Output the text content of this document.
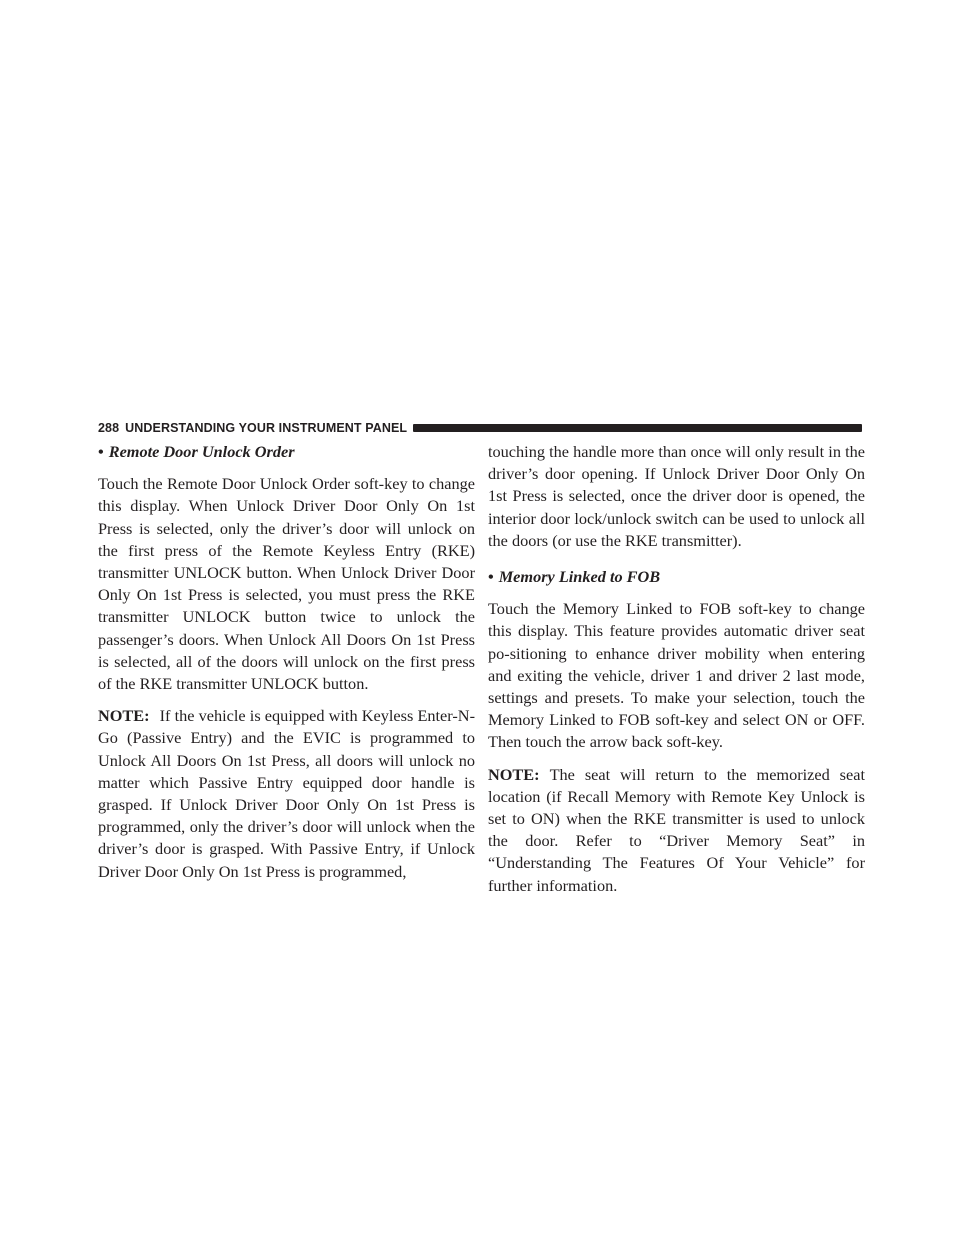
288 UNDERSTANDING YOUR INSTRUMENT PANEL

• Remote Door Unlock Order

Touch the Remote Door Unlock Order soft-key to change this display. When Unlock Driver Door Only On 1st Press is selected, only the driver’s door will unlock on the first press of the Remote Keyless Entry (RKE) transmitter UNLOCK button. When Unlock Driver Door Only On 1st Press is selected, you must press the RKE transmitter UNLOCK button twice to unlock the passenger’s doors. When Unlock All Doors On 1st Press is selected, all of the doors will unlock on the first press of the RKE transmitter UNLOCK button.

NOTE: If the vehicle is equipped with Keyless Enter-N-Go (Passive Entry) and the EVIC is programmed to Unlock All Doors On 1st Press, all doors will unlock no matter which Passive Entry equipped door handle is grasped. If Unlock Driver Door Only On 1st Press is programmed, only the driver’s door will unlock when the driver’s door is grasped. With Passive Entry, if Unlock Driver Door Only On 1st Press is programmed,

touching the handle more than once will only result in the driver’s door opening. If Unlock Driver Door Only On 1st Press is selected, once the driver door is opened, the interior door lock/unlock switch can be used to unlock all the doors (or use the RKE transmitter).

• Memory Linked to FOB

Touch the Memory Linked to FOB soft-key to change this display. This feature provides automatic driver seat po-sitioning to enhance driver mobility when entering and exiting the vehicle, driver 1 and driver 2 last mode, settings and presets. To make your selection, touch the Memory Linked to FOB soft-key and select ON or OFF. Then touch the arrow back soft-key.

NOTE: The seat will return to the memorized seat location (if Recall Memory with Remote Key Unlock is set to ON) when the RKE transmitter is used to unlock the door. Refer to “Driver Memory Seat” in “Understanding The Features Of Your Vehicle” for further information.
